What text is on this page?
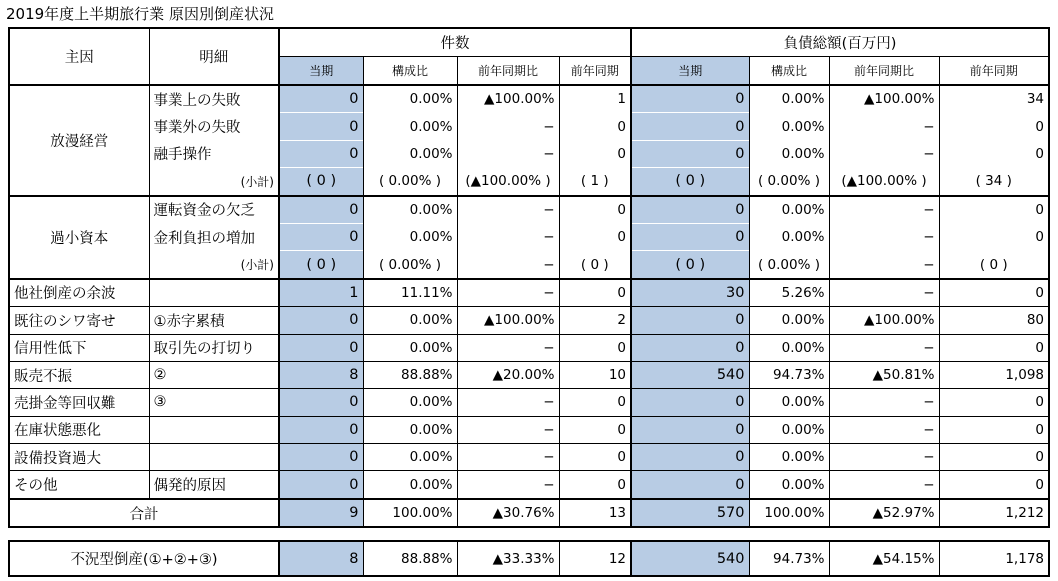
2019年度上半期旅行業 原因別倒産状況
主因	明細	件数				負債総額(百万円)			
		当期	構成比	前年同期比	前年同期	当期	構成比	前年同期比	前年同期
放漫経営	事業上の失敗	0	0.00%	▲100.00%	1	0	0.00%	▲100.00%	34
	事業外の失敗	0	0.00%	−	0	0	0.00%	−	0
	融手操作	0	0.00%	−	0	0	0.00%	−	0
	(小計)	( 0 )	( 0.00% )	(▲100.00% )	( 1 )	( 0 )	( 0.00% )	(▲100.00% )	( 34 )
過小資本	運転資金の欠乏	0	0.00%	−	0	0	0.00%	−	0
	金利負担の増加	0	0.00%	−	0	0	0.00%	−	0
	(小計)	( 0 )	( 0.00% )	−	( 0 )	( 0 )	( 0.00% )	−	( 0 )
他社倒産の余波		1	11.11%	−	0	30	5.26%	−	0
既往のシワ寄せ	①赤字累積	0	0.00%	▲100.00%	2	0	0.00%	▲100.00%	80
信用性低下	取引先の打切り	0	0.00%	−	0	0	0.00%	−	0
販売不振	②	8	88.88%	▲20.00%	10	540	94.73%	▲50.81%	1,098
売掛金等回収難	③	0	0.00%	−	0	0	0.00%	−	0
在庫状態悪化		0	0.00%	−	0	0	0.00%	−	0
設備投資過大		0	0.00%	−	0	0	0.00%	−	0
その他	偶発的原因	0	0.00%	−	0	0	0.00%	−	0
合計		9	100.00%	▲30.76%	13	570	100.00%	▲52.97%	1,212
不況型倒産(①+②+③)	8	88.88%	▲33.33%	12	540	94.73%	▲54.15%	1,178
